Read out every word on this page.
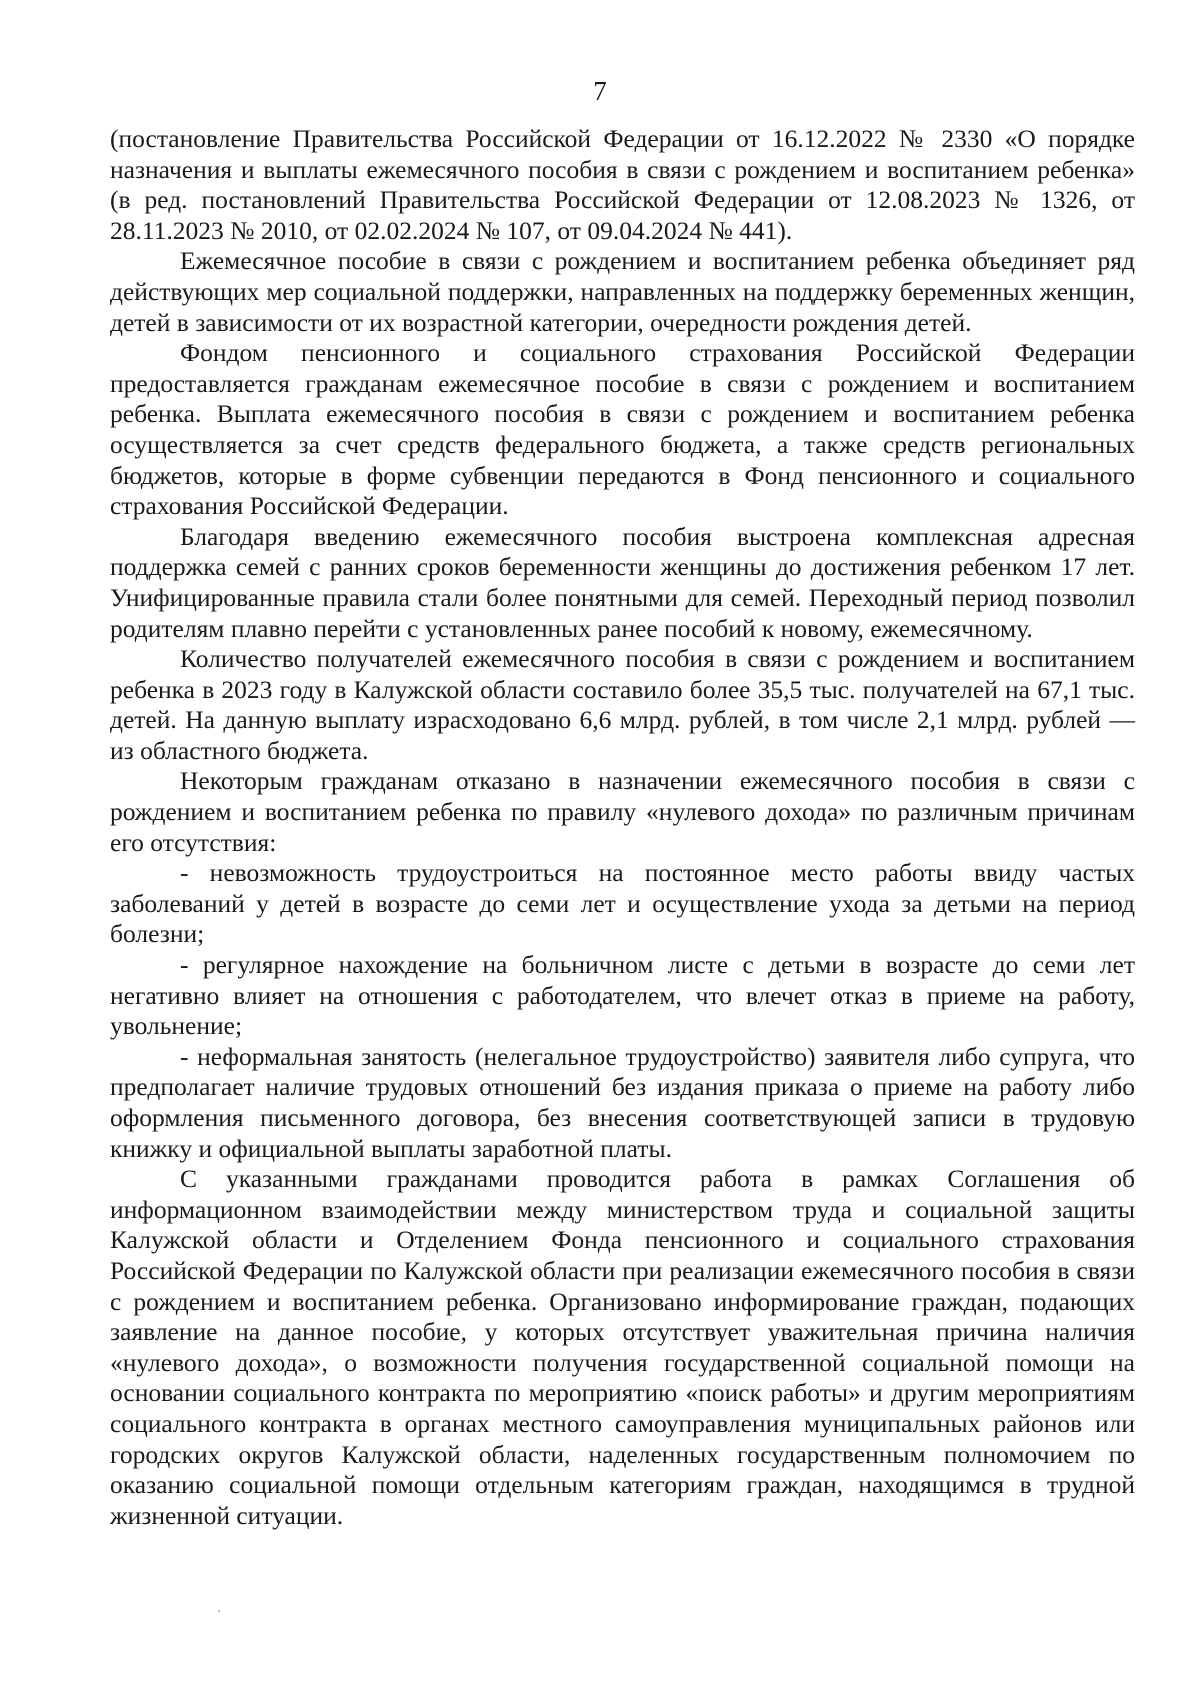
7

(постановление Правительства Российской Федерации от 16.12.2022 № 2330 «О порядке назначения и выплаты ежемесячного пособия в связи с рождением и воспитанием ребенка» (в ред. постановлений Правительства Российской Федерации от 12.08.2023 № 1326, от 28.11.2023 № 2010, от 02.02.2024 № 107, от 09.04.2024 № 441).

Ежемесячное пособие в связи с рождением и воспитанием ребенка объединяет ряд действующих мер социальной поддержки, направленных на поддержку беременных женщин, детей в зависимости от их возрастной категории, очередности рождения детей.

Фондом пенсионного и социального страхования Российской Федерации предоставляется гражданам ежемесячное пособие в связи с рождением и воспитанием ребенка. Выплата ежемесячного пособия в связи с рождением и воспитанием ребенка осуществляется за счет средств федерального бюджета, а также средств региональных бюджетов, которые в форме субвенции передаются в Фонд пенсионного и социального страхования Российской Федерации.

Благодаря введению ежемесячного пособия выстроена комплексная адресная поддержка семей с ранних сроков беременности женщины до достижения ребенком 17 лет. Унифицированные правила стали более понятными для семей. Переходный период позволил родителям плавно перейти с установленных ранее пособий к новому, ежемесячному.

Количество получателей ежемесячного пособия в связи с рождением и воспитанием ребенка в 2023 году в Калужской области составило более 35,5 тыс. получателей на 67,1 тыс. детей. На данную выплату израсходовано 6,6 млрд. рублей, в том числе 2,1 млрд. рублей — из областного бюджета.

Некоторым гражданам отказано в назначении ежемесячного пособия в связи с рождением и воспитанием ребенка по правилу «нулевого дохода» по различным причинам его отсутствия:

- невозможность трудоустроиться на постоянное место работы ввиду частых заболеваний у детей в возрасте до семи лет и осуществление ухода за детьми на период болезни;

- регулярное нахождение на больничном листе с детьми в возрасте до семи лет негативно влияет на отношения с работодателем, что влечет отказ в приеме на работу, увольнение;

- неформальная занятость (нелегальное трудоустройство) заявителя либо супруга, что предполагает наличие трудовых отношений без издания приказа о приеме на работу либо оформления письменного договора, без внесения соответствующей записи в трудовую книжку и официальной выплаты заработной платы.

С указанными гражданами проводится работа в рамках Соглашения об информационном взаимодействии между министерством труда и социальной защиты Калужской области и Отделением Фонда пенсионного и социального страхования Российской Федерации по Калужской области при реализации ежемесячного пособия в связи с рождением и воспитанием ребенка. Организовано информирование граждан, подающих заявление на данное пособие, у которых отсутствует уважительная причина наличия «нулевого дохода», о возможности получения государственной социальной помощи на основании социального контракта по мероприятию «поиск работы» и другим мероприятиям социального контракта в органах местного самоуправления муниципальных районов или городских округов Калужской области, наделенных государственным полномочием по оказанию социальной помощи отдельным категориям граждан, находящимся в трудной жизненной ситуации.
